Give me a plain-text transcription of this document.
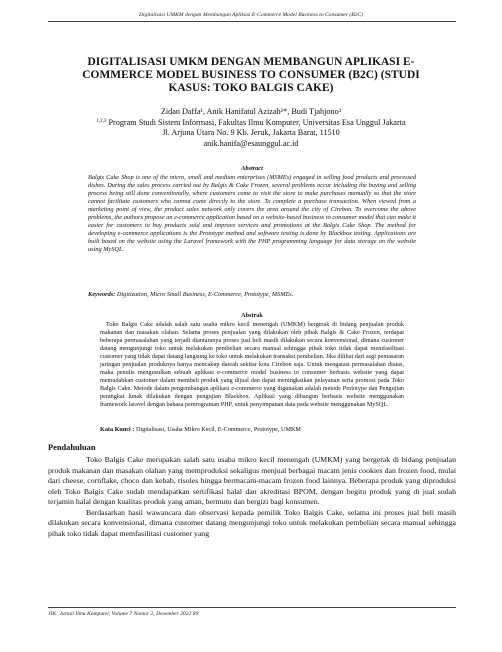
Digitalisasi UMKM dengan Membangun Aplikasi E-Commerce Model Business to Consumer (B2C)
DIGITALISASI UMKM DENGAN MEMBANGUN APLIKASI E-COMMERCE MODEL BUSINESS TO CONSUMER (B2C) (STUDI KASUS: TOKO BALGIS CAKE)

Zidan Daffa¹, Anik Hanifatul Azizah²*, Budi Tjahjono³

$^{1,2,3}$ Program Studi Sistem Informasi, Fakultas Ilmu Komputer, Universitas Esa Unggul Jakarta

Jl. Arjuna Utara No. 9 Kb. Jeruk, Jakarta Barat, 11510

anik.hanifa@esaunggul.ac.id

Abstract

Balgis Cake Shop is one of the micro, small and medium enterprises (MSMEs) engaged in selling food products and processed dishes. During the sales process carried out by Balgis & Cake Frozen, several problems occur including the buying and selling process being still done conventionally, where customers come to visit the store to make purchases manually so that the store cannot facilitate customers who cannot come directly to the store. To complete a purchase transaction. When viewed from a marketing point of view, the product sales network only covers the area around the city of Cirebon. To overcome the above problems, the authors propose an e-commerce application based on a website-based business to consumer model that can make it easier for customers to buy products sold and improve services and promotions at the Balgis Cake Shop. The method for developing e-commerce applications is the Prototype method and software testing is done by Blackbox testing. Applications are built based on the website using the Laravel framework with the PHP programming language for data storage on the website using MySQL.

Keywords: Digitization, Micro Small Business, E-Commerce, Prototype, MSMEs.

Abstrak

Toko Balgis Cake adalah salah satu usaha mikro kecil menengah (UMKM) bergerak di bidang penjualan produk makanan dan masakan olahan. Selama proses penjualan yang dilakukan oleh pihak Balgis & Cake Frozen, terdapat beberapa permasalahan yang terjadi diantaranya proses jual beli masih dilakukan secara konvensional, dimana customer datang mengunjungi toko untuk melakukan pembelian secara manual sehingga pihak toko tidak dapat memfasilitasi customer yang tidak dapat datang langsung ke toko untuk melakukan transaksi pembelian. Jika dilihat dari segi pemasaran jaringan penjualan produknya hanya mencakup daerah sekitar kota Cirebon saja. Untuk mengatasi permasalahan diatas, maka penulis mengusulkan sebuah aplikasi e-commerce model business to consumer berbasis website yang dapat memudahkan customer dalam membeli produk yang dijual dan dapat meningkatkan pelayanan serta promosi pada Toko Balgis Cake. Metode dalam pengembangan aplikasi e-commerce yang digunakan adalah metode Prototype dan Pengujian perangkat lunak dilakukan dengan pengujian Blackbox. Aplikasi yang dibangun berbasis website menggunakan framework laravel dengan bahasa pemrograman PHP, untuk penyimpanan data pada website menggunakan MySQL.

Kata Kunci : Digitalisasi, Usaha Mikro Kecil, E-Commerce, Prototype, UMKM
Pendahuluan

Toko Balgis Cake merupakan salah satu usaha mikro kecil menengah (UMKM) yang bergerak di bidang penjualan produk makanan dan masakan olahan yang memproduksi sekaligus menjual berbagai macam jenis cookies dan frozen food, mulai dari cheese, cornflake, choco dan kebab, risoles hingga bermacam-macam frozen food lainnya. Beberapa produk yang diproduksi oleh Toko Balgis Cake sudah mendapatkan sertifikasi halal dan akreditasi BPOM, dengan begitu produk yang di jual sudah terjamin halal dengan kualitas produk yang aman, bermutu dan bergizi bagi konsumen.

Berdasarkan hasil wawancara dan observasi kepada pemilik Toko Balgis Cake, selama ini proses jual beli masih dilakukan secara konvensional, dimana customer datang mengunjungi toko untuk melakukan pembelian secara manual sehingga pihak toko tidak dapat memfasilitasi customer yang

JIK: Jurnal Ilmu Komputer, Volume 7 Nomor 2, Desember 2022 89
